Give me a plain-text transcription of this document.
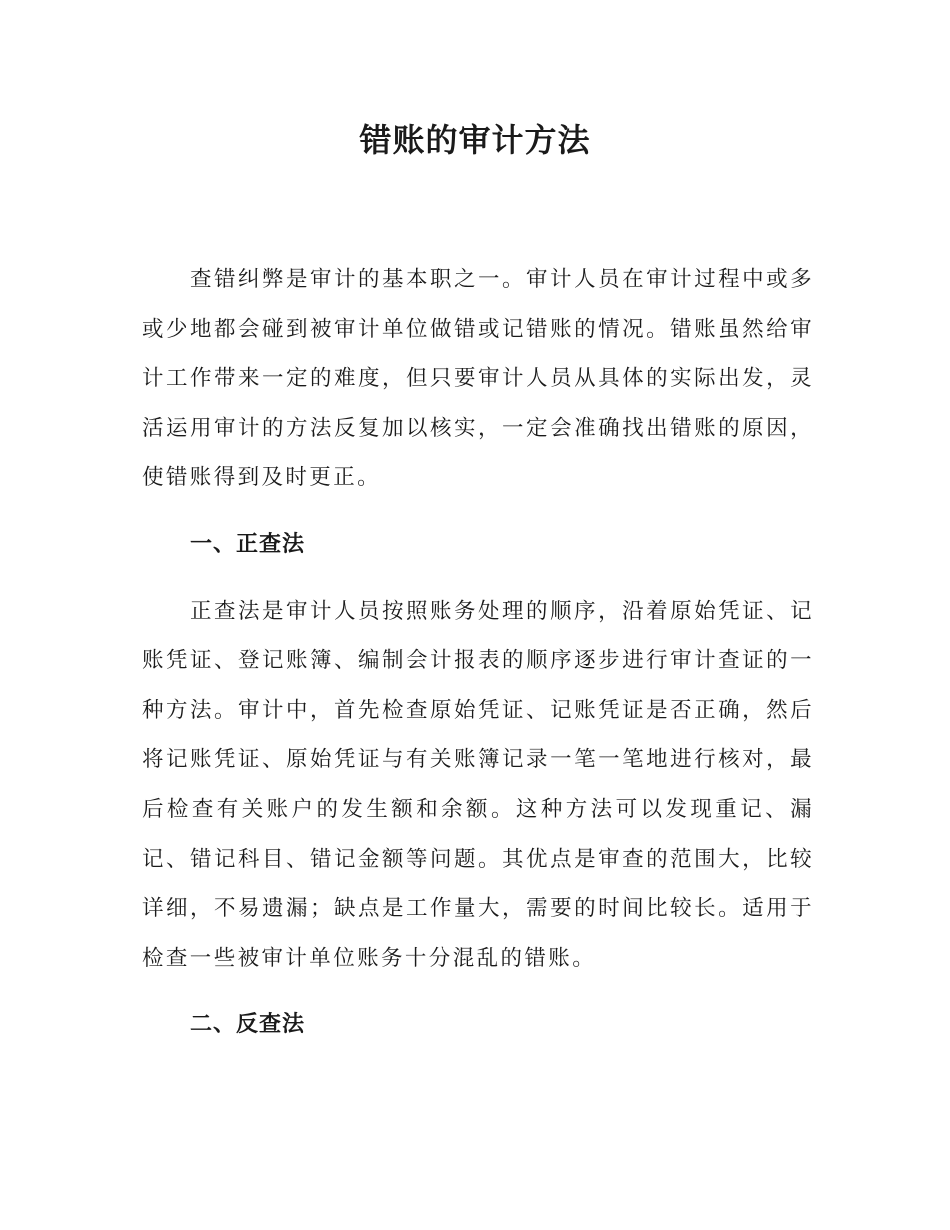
错账的审计方法

查错纠弊是审计的基本职之一。审计人员在审计过程中或多或少地都会碰到被审计单位做错或记错账的情况。错账虽然给审计工作带来一定的难度，但只要审计人员从具体的实际出发，灵活运用审计的方法反复加以核实，一定会准确找出错账的原因，使错账得到及时更正。

一、正查法

正查法是审计人员按照账务处理的顺序，沿着原始凭证、记账凭证、登记账簿、编制会计报表的顺序逐步进行审计查证的一种方法。审计中，首先检查原始凭证、记账凭证是否正确，然后将记账凭证、原始凭证与有关账簿记录一笔一笔地进行核对，最后检查有关账户的发生额和余额。这种方法可以发现重记、漏记、错记科目、错记金额等问题。其优点是审查的范围大，比较详细，不易遗漏；缺点是工作量大，需要的时间比较长。适用于检查一些被审计单位账务十分混乱的错账。

二、反查法
